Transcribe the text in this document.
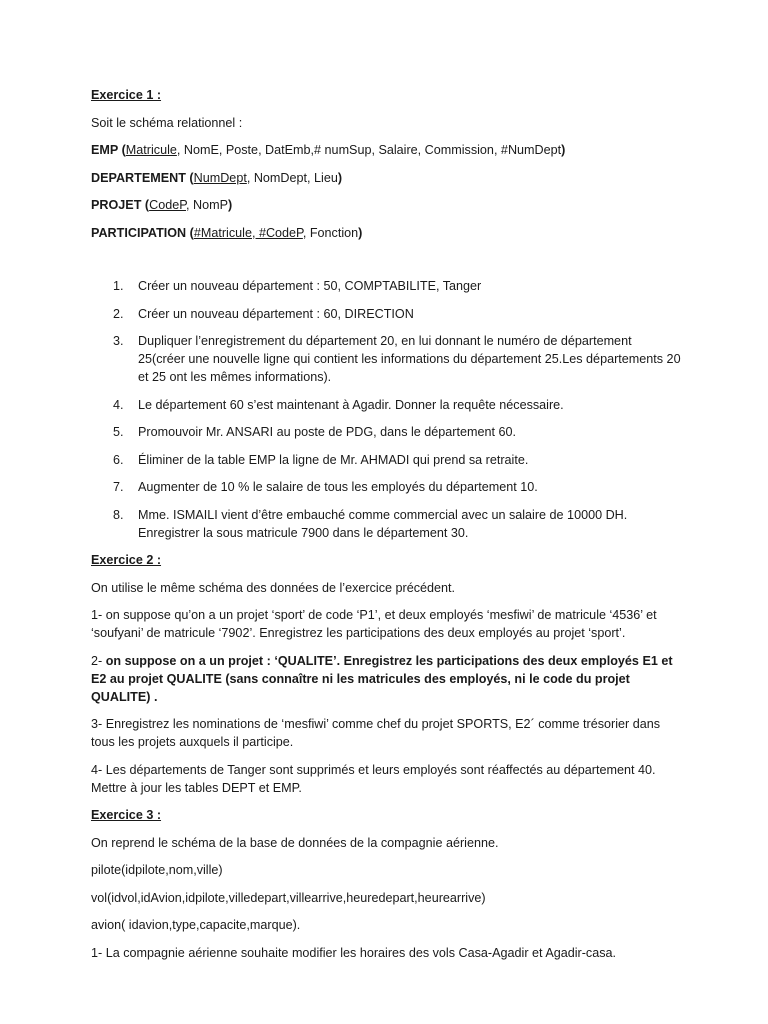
Exercice 1 :

Soit le schéma relationnel :

EMP (Matricule, NomE, Poste, DatEmb,# numSup, Salaire, Commission, #NumDept)

DEPARTEMENT (NumDept, NomDept, Lieu)

PROJET (CodeP, NomP)

PARTICIPATION (#Matricule, #CodeP, Fonction)

1. Créer un nouveau département : 50, COMPTABILITE, Tanger
2. Créer un nouveau département : 60, DIRECTION
3. Dupliquer l’enregistrement du département 20, en lui donnant le numéro de département 25(créer une nouvelle ligne qui contient les informations du département 25.Les départements 20 et 25 ont les mêmes informations).
4. Le département 60 s’est maintenant à Agadir. Donner la requête nécessaire.
5. Promouvoir Mr. ANSARI au poste de PDG, dans le département 60.
6. Éliminer de la table EMP la ligne de Mr. AHMADI qui prend sa retraite.
7. Augmenter de 10 % le salaire de tous les employés du département 10.
8. Mme. ISMAILI vient d’être embauché comme commercial avec un salaire de 10000 DH. Enregistrer la sous matricule 7900 dans le département 30.

Exercice 2 :

On utilise le même schéma des données de l’exercice précédent.

1- on suppose qu’on a un projet ‘sport’ de code ‘P1’, et deux employés ‘mesfiwi’ de matricule ‘4536’ et ‘soufyani’ de matricule ‘7902’. Enregistrez les participations des deux employés au projet ‘sport’.

2- on suppose on a un projet : ‘QUALITE’. Enregistrez les participations des deux employés E1 et E2 au projet QUALITE (sans connaître ni les matricules des employés, ni le code du projet QUALITE) .

3- Enregistrez les nominations de ‘mesfiwi’ comme chef du projet SPORTS, E2´ comme trésorier dans tous les projets auxquels il participe.

4- Les départements de Tanger sont supprimés et leurs employés sont réaffectés au département 40. Mettre à jour les tables DEPT et EMP.

Exercice 3 :

On reprend le schéma de la base de données de la compagnie aérienne.

pilote(idpilote,nom,ville)

vol(idvol,idAvion,idpilote,villedepart,villearrive,heuredepart,heurearrive)

avion( idavion,type,capacite,marque).

1- La compagnie aérienne souhaite modifier les horaires des vols Casa-Agadir et Agadir-casa.
